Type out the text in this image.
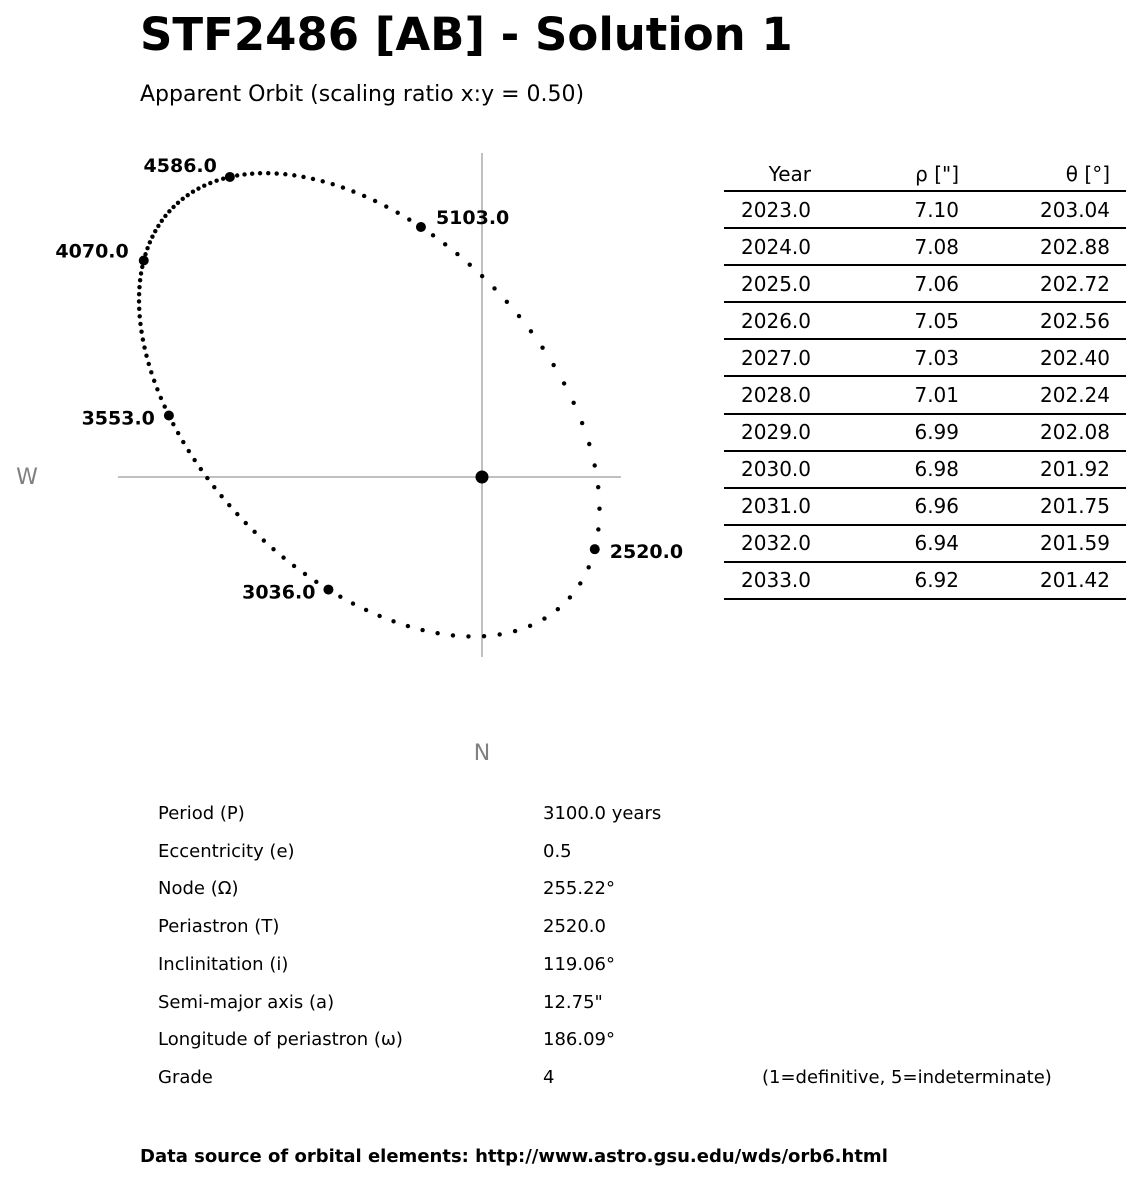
STF2486 [AB] - Solution 1
Apparent Orbit (scaling ratio x:y = 0.50)
2520.0
3036.0
3553.0
4070.0
4586.0
5103.0
W
N
Year	ρ ["]	θ [°]
2023.0	7.10	203.04
2024.0	7.08	202.88
2025.0	7.06	202.72
2026.0	7.05	202.56
2027.0	7.03	202.40
2028.0	7.01	202.24
2029.0	6.99	202.08
2030.0	6.98	201.92
2031.0	6.96	201.75
2032.0	6.94	201.59
2033.0	6.92	201.42
Period (P)	3100.0 years
Eccentricity (e)	0.5
Node (Ω)	255.22°
Periastron (T)	2520.0
Inclinitation (i)	119.06°
Semi-major axis (a)	12.75"
Longitude of periastron (ω)	186.09°
Grade	4	(1=definitive, 5=indeterminate)
Data source of orbital elements: http://www.astro.gsu.edu/wds/orb6.html
